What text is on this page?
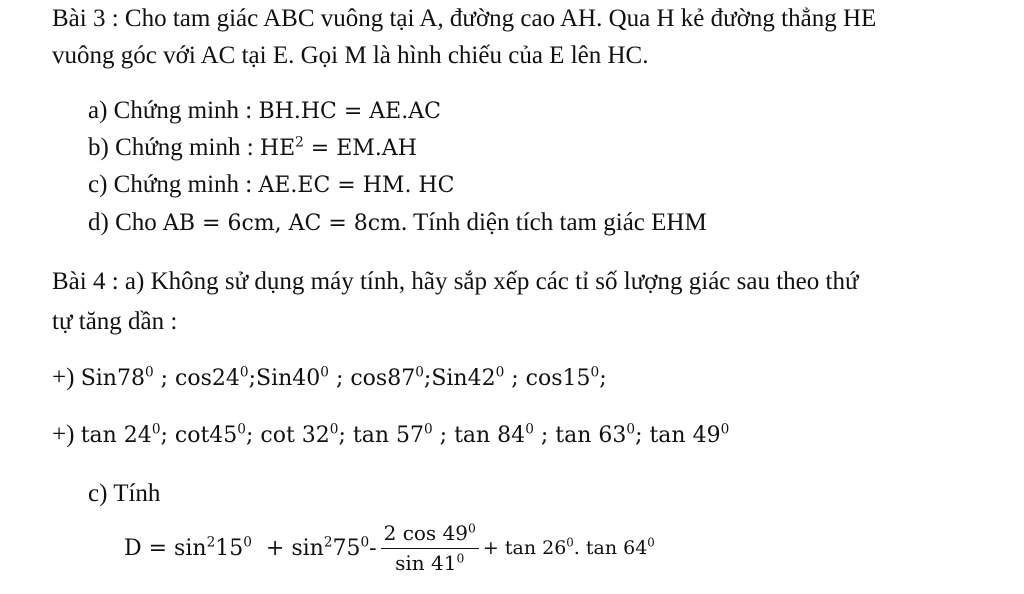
Bài 3 : Cho tam giác ABC vuông tại A, đường cao AH. Qua H kẻ đường thẳng HE
vuông góc với AC tại E. Gọi M là hình chiếu của E lên HC.
a) Chứng minh : BH.HC = AE.AC
b) Chứng minh : $HE^2 = EM.AH$
c) Chứng minh : AE.EC = HM. HC
d) Cho AB = 6cm, AC = 8cm. Tính diện tích tam giác EHM
Bài 4 : a) Không sử dụng máy tính, hãy sắp xếp các tỉ số lượng giác sau theo thứ
tự tăng dần :
+) $Sin78^0$ ; $\cos 24^0;Sin40^0$ ; $\cos 87^0;Sin42^0$ ; $\cos 15^0$;
+) $\tan 24^0$; $\cot 45^0$; $\cot 32^0$; $\tan 57^0$ ; $\tan 84^0$ ; $\tan 63^0$; $\tan 49^0$
c) Tính
$D = \sin^215^0 + \sin^275^0 - \frac{2 \cos 49^0}{\sin 41^0} + \tan 26^0$. $\tan 64^0$
